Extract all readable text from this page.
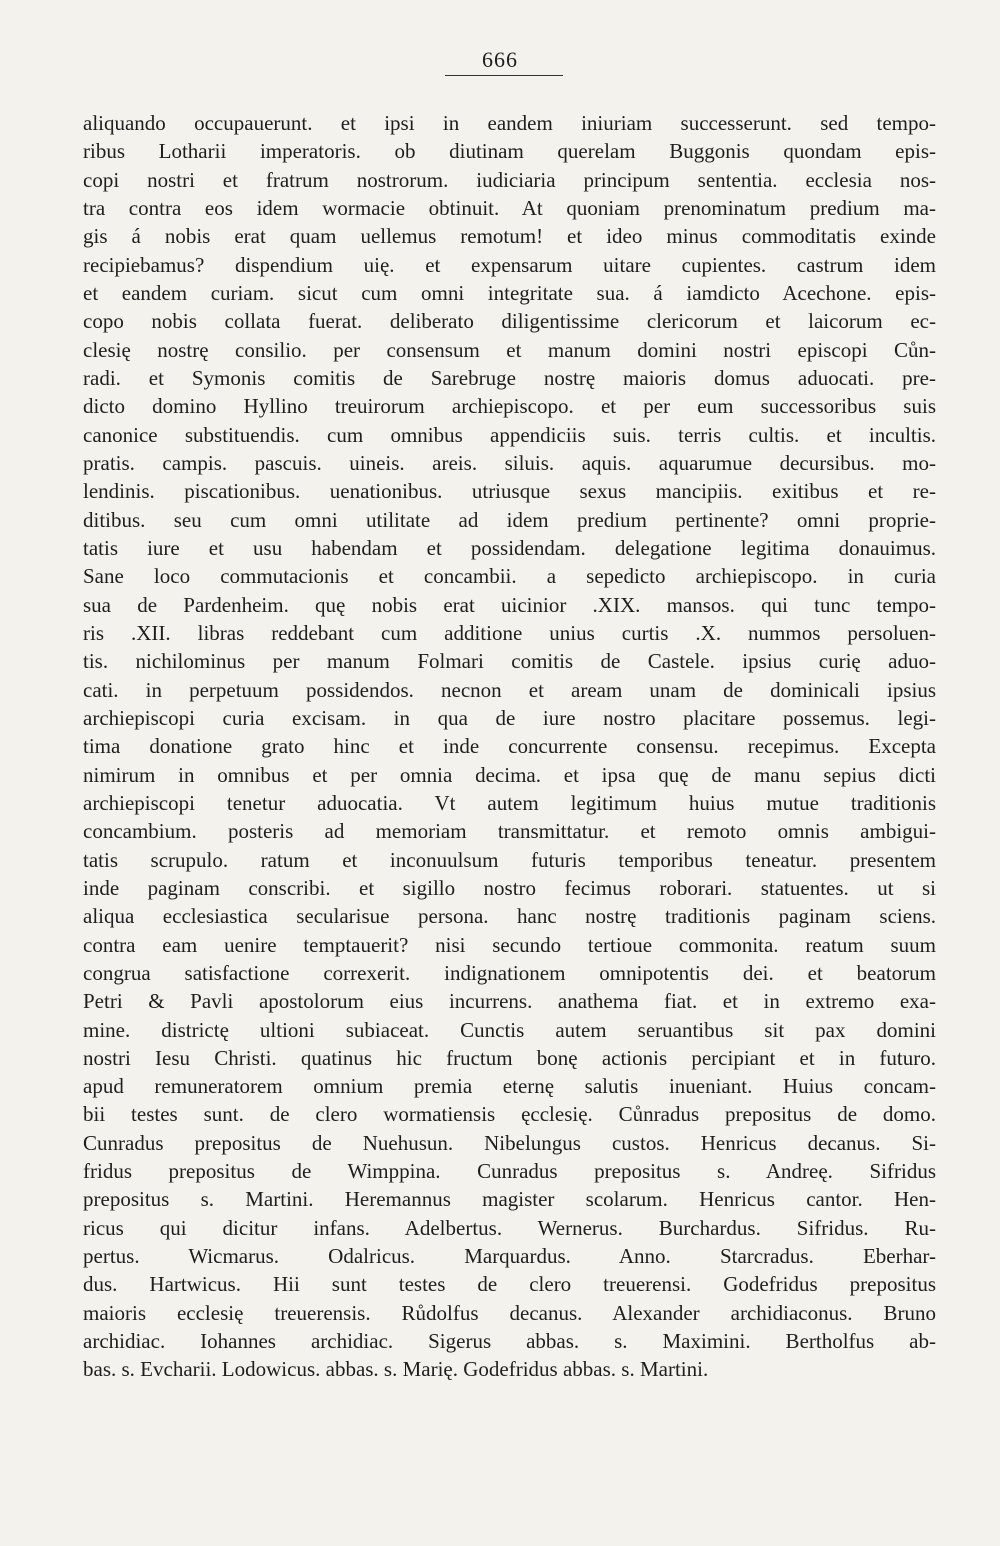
666
aliquando occupauerunt. et ipsi in eandem iniuriam successerunt. sed tempo-
ribus Lotharii imperatoris. ob diutinam querelam Buggonis quondam epis-
copi nostri et fratrum nostrorum. iudiciaria principum sententia. ecclesia nos-
tra contra eos idem wormacie obtinuit. At quoniam prenominatum predium ma-
gis á nobis erat quam uellemus remotum! et ideo minus commoditatis exinde
recipiebamus? dispendium uię. et expensarum uitare cupientes. castrum idem
et eandem curiam. sicut cum omni integritate sua. á iamdicto Acechone. epis-
copo nobis collata fuerat. deliberato diligentissime clericorum et laicorum ec-
clesię nostrę consilio. per consensum et manum domini nostri episcopi Cůn-
radi. et Symonis comitis de Sarebruge nostrę maioris domus aduocati. pre-
dicto domino Hyllino treuirorum archiepiscopo. et per eum successoribus suis
canonice substituendis. cum omnibus appendiciis suis. terris cultis. et incultis.
pratis. campis. pascuis. uineis. areis. siluis. aquis. aquarumue decursibus. mo-
lendinis. piscationibus. uenationibus. utriusque sexus mancipiis. exitibus et re-
ditibus. seu cum omni utilitate ad idem predium pertinente? omni proprie-
tatis iure et usu habendam et possidendam. delegatione legitima donauimus.
Sane loco commutacionis et concambii. a sepedicto archiepiscopo. in curia
sua de Pardenheim. quę nobis erat uicinior .XIX. mansos. qui tunc tempo-
ris .XII. libras reddebant cum additione unius curtis .X. nummos persoluen-
tis. nichilominus per manum Folmari comitis de Castele. ipsius curię aduo-
cati. in perpetuum possidendos. necnon et aream unam de dominicali ipsius
archiepiscopi curia excisam. in qua de iure nostro placitare possemus. legi-
tima donatione grato hinc et inde concurrente consensu. recepimus. Excepta
nimirum in omnibus et per omnia decima. et ipsa quę de manu sepius dicti
archiepiscopi tenetur aduocatia. Vt autem legitimum huius mutue traditionis
concambium. posteris ad memoriam transmittatur. et remoto omnis ambigui-
tatis scrupulo. ratum et inconuulsum futuris temporibus teneatur. presentem
inde paginam conscribi. et sigillo nostro fecimus roborari. statuentes. ut si
aliqua ecclesiastica secularisue persona. hanc nostrę traditionis paginam sciens.
contra eam uenire temptauerit? nisi secundo tertioue commonita. reatum suum
congrua satisfactione correxerit. indignationem omnipotentis dei. et beatorum
Petri & Pavli apostolorum eius incurrens. anathema fiat. et in extremo exa-
mine. districtę ultioni subiaceat. Cunctis autem seruantibus sit pax domini
nostri Iesu Christi. quatinus hic fructum bonę actionis percipiant et in futuro.
apud remuneratorem omnium premia eternę salutis inueniant. Huius concam-
bii testes sunt. de clero wormatiensis ęcclesię. Cůnradus prepositus de domo.
Cunradus prepositus de Nuehusun. Nibelungus custos. Henricus decanus. Si-
fridus prepositus de Wimppina. Cunradus prepositus s. Andreę. Sifridus
prepositus s. Martini. Heremannus magister scolarum. Henricus cantor. Hen-
ricus qui dicitur infans. Adelbertus. Wernerus. Burchardus. Sifridus. Ru-
pertus. Wicmarus. Odalricus. Marquardus. Anno. Starcradus. Eberhar-
dus. Hartwicus. Hii sunt testes de clero treuerensi. Godefridus prepositus
maioris ecclesię treuerensis. Růdolfus decanus. Alexander archidiaconus. Bruno
archidiac. Iohannes archidiac. Sigerus abbas. s. Maximini. Bertholfus ab-
bas. s. Evcharii. Lodowicus. abbas. s. Marię. Godefridus abbas. s. Martini.
